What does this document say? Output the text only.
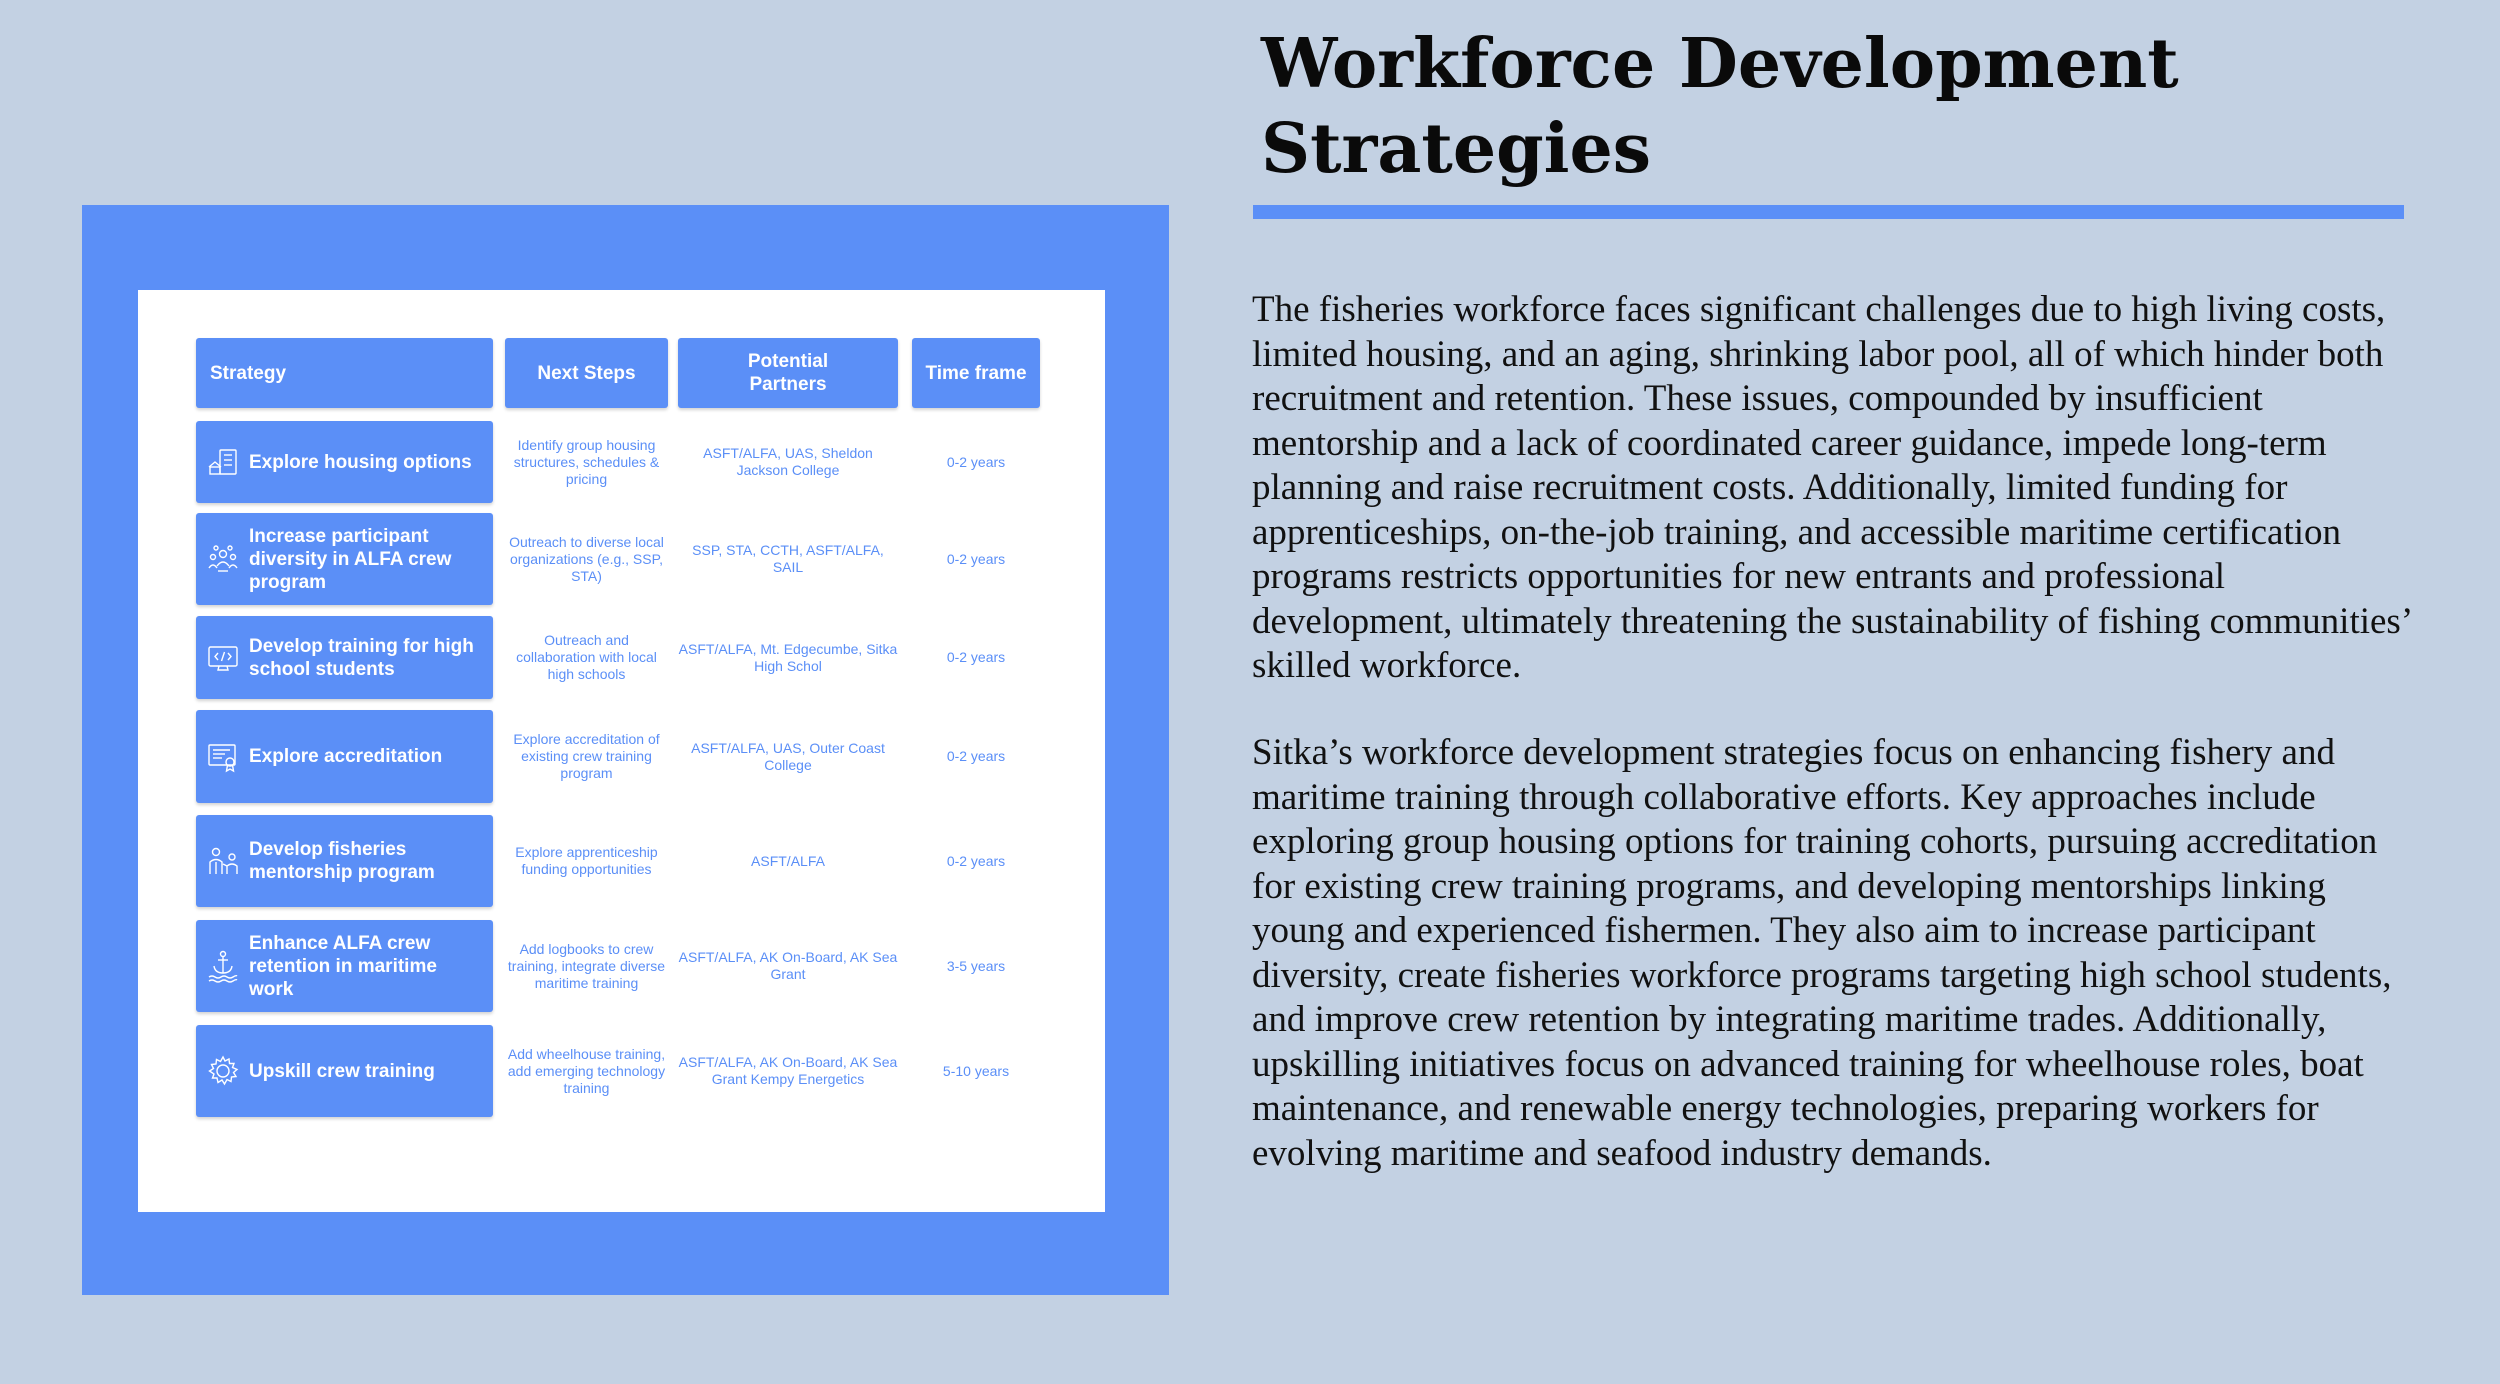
Strategy	Next Steps
Potential Partners
Time frame
Explore housing options
Identify group housing structures, schedules & pricing
ASFT/ALFA, UAS, Sheldon Jackson College
0-2 years
Increase participant diversity in ALFA crew program
Outreach to diverse local organizations (e.g., SSP, STA)
SSP, STA, CCTH, ASFT/ALFA, SAIL
0-2 years
Develop training for high school students
Outreach and collaboration with local high schools
ASFT/ALFA, Mt. Edgecumbe, Sitka High Schol
0-2 years
Explore accreditation
Explore accreditation of existing crew training program
ASFT/ALFA, UAS, Outer Coast College
0-2 years
Develop fisheries mentorship program
Explore apprenticeship funding opportunities
ASFT/ALFA	0-2 years
Enhance ALFA crew retention in maritime work
Add logbooks to crew training, integrate diverse maritime training
ASFT/ALFA, AK On-Board, AK Sea Grant
3-5 years
Upskill crew training
Add wheelhouse training, add emerging technology training
ASFT/ALFA, AK On-Board, AK Sea Grant Kempy Energetics
5-10 years
Workforce Development Strategies

The fisheries workforce faces significant challenges due to high living costs, limited housing, and an aging, shrinking labor pool, all of which hinder both recruitment and retention. These issues, compounded by insufficient mentorship and a lack of coordinated career guidance, impede long-term planning and raise recruitment costs. Additionally, limited funding for apprenticeships, on-the-job training, and accessible maritime certification programs restricts opportunities for new entrants and professional development, ultimately threatening the sustainability of fishing communities’ skilled workforce.

Sitka’s workforce development strategies focus on enhancing fishery and maritime training through collaborative efforts. Key approaches include exploring group housing options for training cohorts, pursuing accreditation for existing crew training programs, and developing mentorships linking young and experienced fishermen. They also aim to increase participant diversity, create fisheries workforce programs targeting high school students, and improve crew retention by integrating maritime trades. Additionally, upskilling initiatives focus on advanced training for wheelhouse roles, boat maintenance, and renewable energy technologies, preparing workers for evolving maritime and seafood industry demands.
